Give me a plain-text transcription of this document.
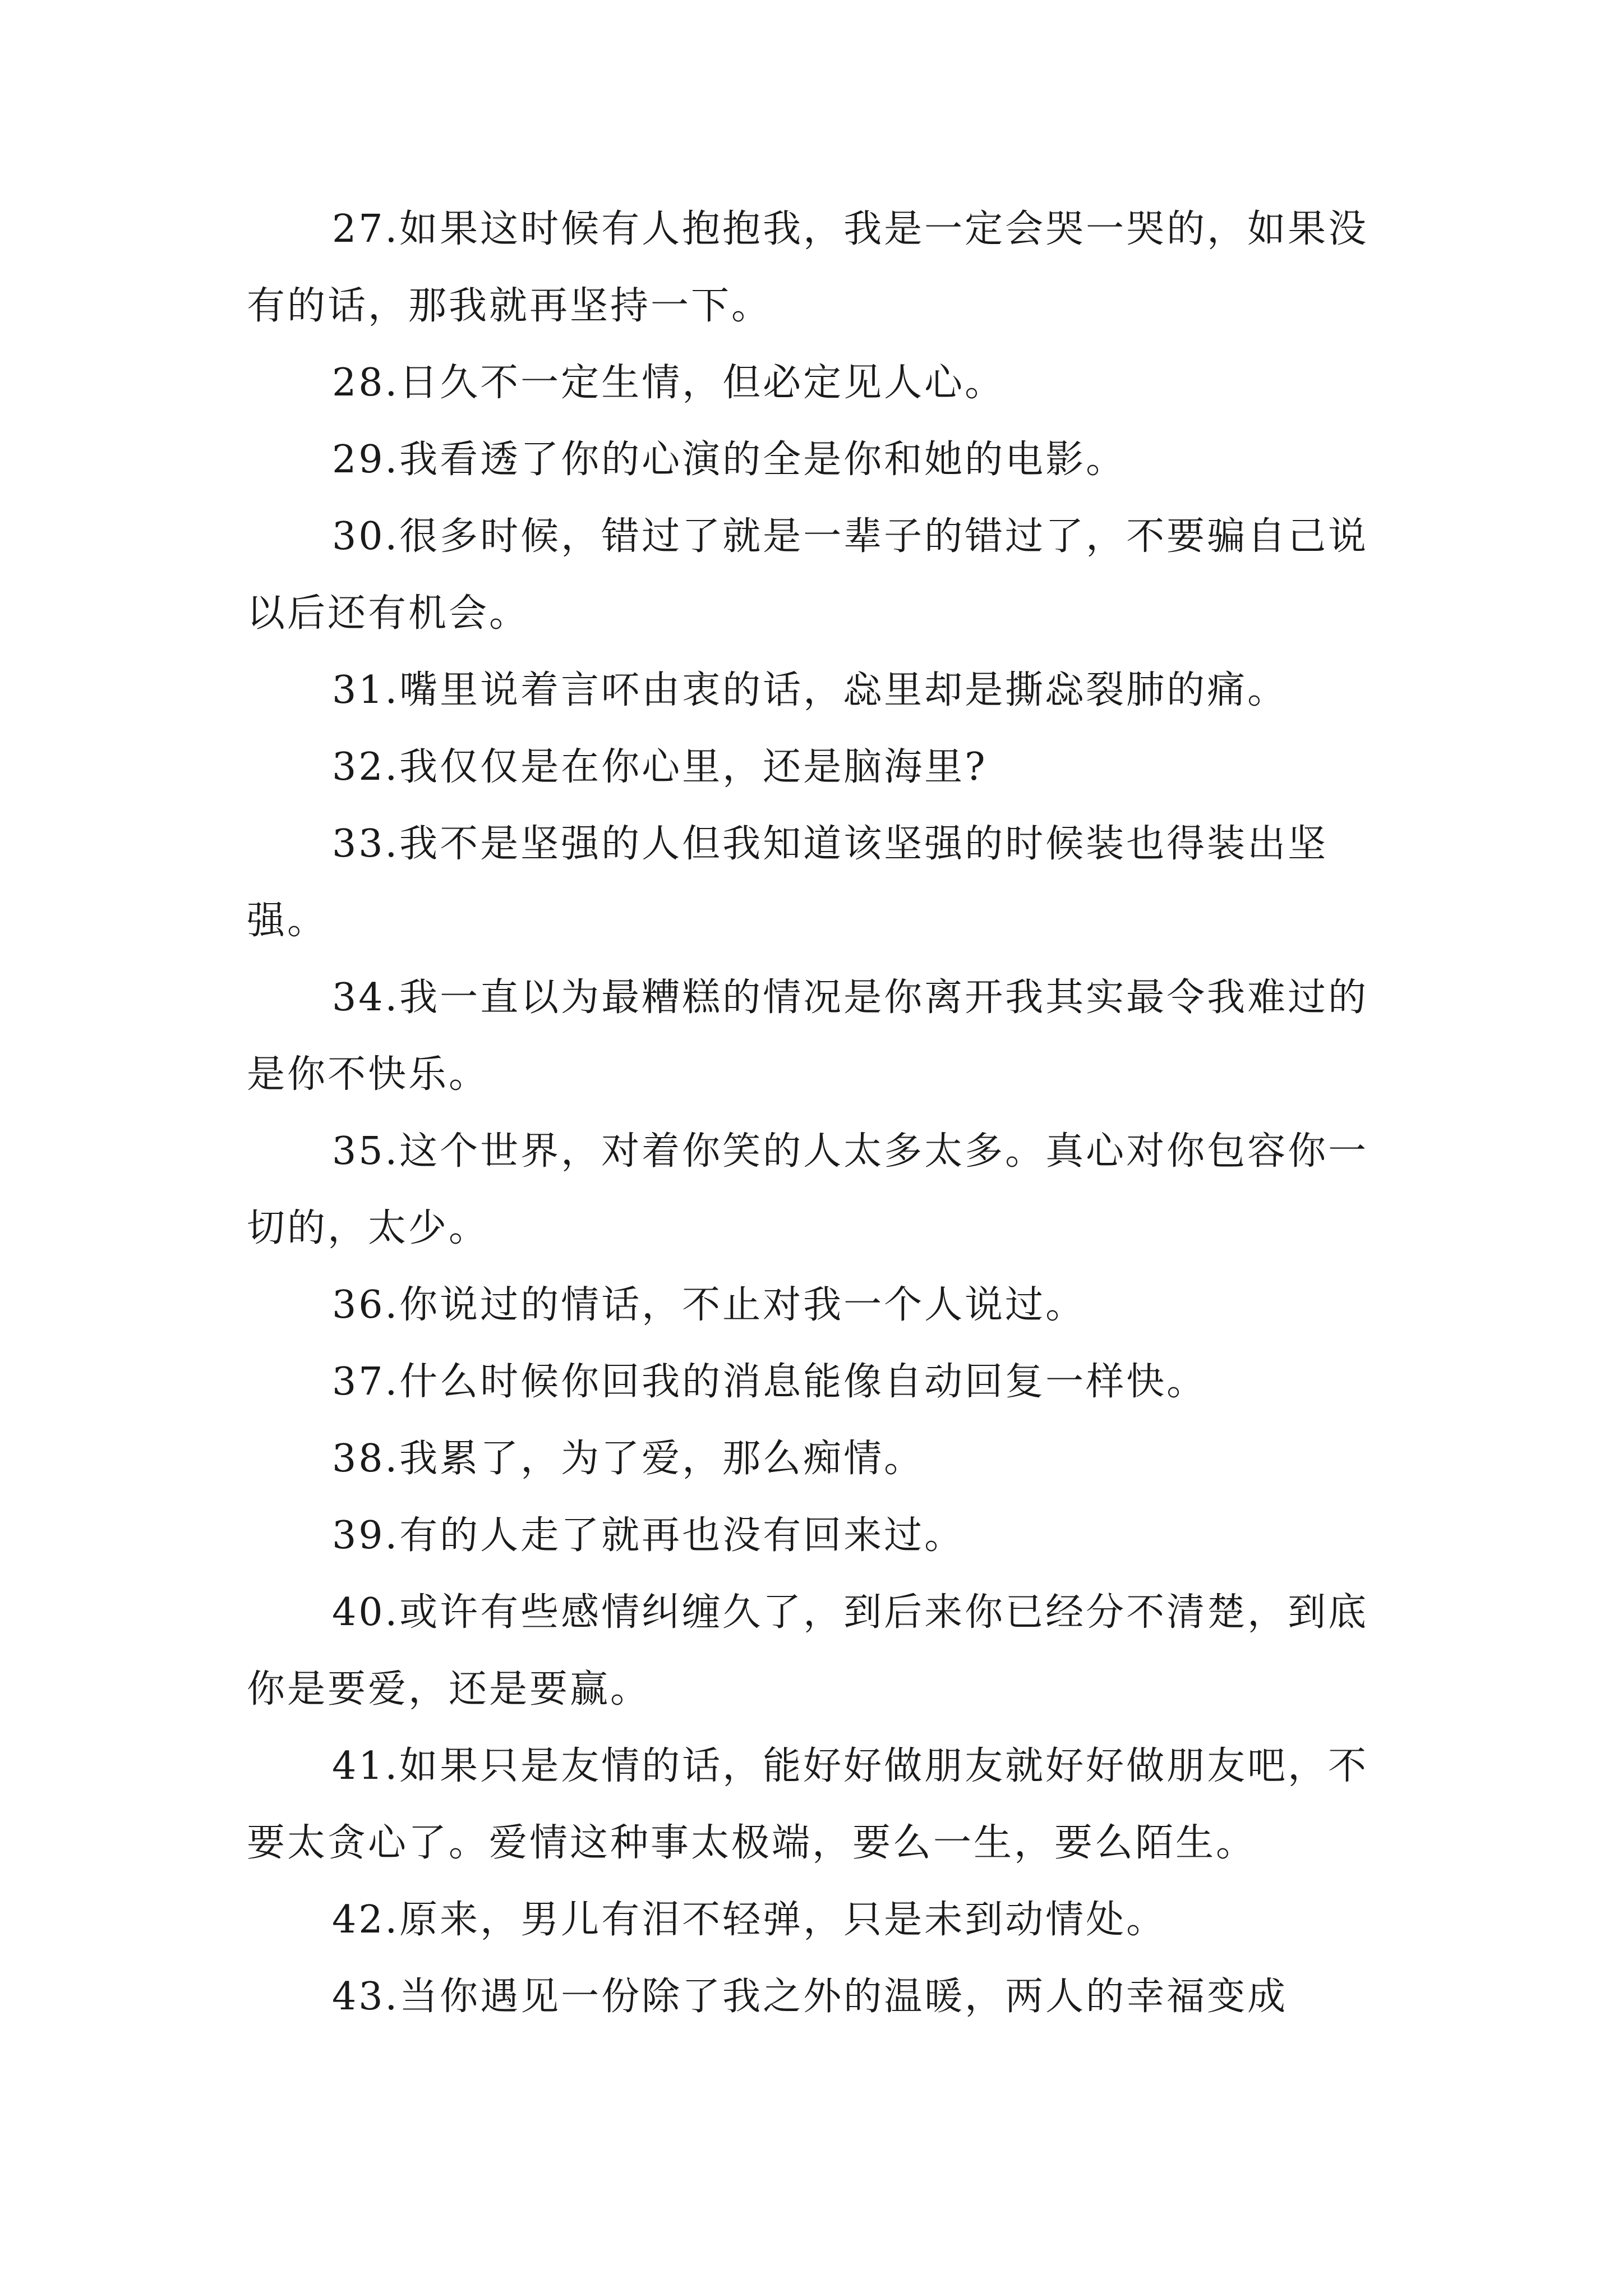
27.如果这时候有人抱抱我，我是一定会哭一哭的，如果没有的话，那我就再坚持一下。

28.日久不一定生情，但必定见人心。

29.我看透了你的心演的全是你和她的电影。

30.很多时候，错过了就是一辈子的错过了，不要骗自己说以后还有机会。

31.嘴里说着言吥由衷的话，惢里却是撕惢裂肺的痛。

32.我仅仅是在你心里，还是脑海里?

33.我不是坚强的人但我知道该坚强的时候装也得装出坚强。

34.我一直以为最糟糕的情况是你离开我其实最令我难过的是你不快乐。

35.这个世界，对着你笑的人太多太多。真心对你包容你一切的，太少。

36.你说过的情话，不止对我一个人说过。

37.什么时候你回我的消息能像自动回复一样快。

38.我累了，为了爱，那么痴情。

39.有的人走了就再也没有回来过。

40.或许有些感情纠缠久了，到后来你已经分不清楚，到底你是要爱，还是要赢。

41.如果只是友情的话，能好好做朋友就好好做朋友吧，不要太贪心了。爱情这种事太极端，要么一生，要么陌生。

42.原来，男儿有泪不轻弹，只是未到动情处。

43.当你遇见一份除了我之外的温暖，两人的幸福变成
